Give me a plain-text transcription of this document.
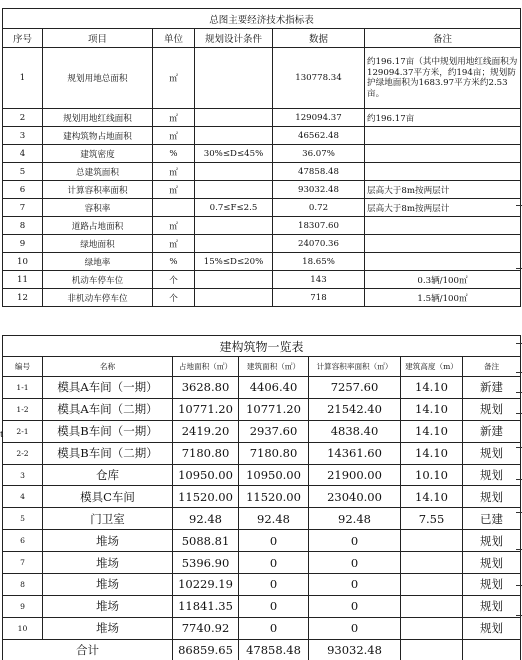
总图主要经济技术指标表					
序号	项目	单位	规划设计条件	数据	备注
1	规划用地总面积	㎡		130778.34	约196.17亩（其中规划用地红线面积为129094.37平方米，约194亩；规划防护绿地面积为1683.97平方米约2.53亩。
2	规划用地红线面积	㎡		129094.37	约196.17亩
3	建构筑物占地面积	㎡		46562.48	
4	建筑密度	%	30%≤D≤45%	36.07%	
5	总建筑面积	㎡		47858.48	
6	计算容积率面积	㎡		93032.48	层高大于8m按两层计
7	容积率		0.7≤F≤2.5	0.72	层高大于8m按两层计
8	道路占地面积	㎡		18307.60	
9	绿地面积	㎡		24070.36	
10	绿地率	%	15%≤D≤20%	18.65%	
11	机动车停车位	个		143	0.3辆/100㎡
12	非机动车停车位	个		718	1.5辆/100㎡
建构筑物一览表						
编号	名称	占地面积（㎡）	建筑面积（㎡）	计算容积率面积（㎡）	建筑高度（m）	备注
1-1	模具A车间（一期）	3628.80	4406.40	7257.60	14.10	新建
1-2	模具A车间（二期）	10771.20	10771.20	21542.40	14.10	规划
2-1	模具B车间（一期）	2419.20	2937.60	4838.40	14.10	新建
2-2	模具B车间（二期）	7180.80	7180.80	14361.60	14.10	规划
3	仓库	10950.00	10950.00	21900.00	10.10	规划
4	模具C车间	11520.00	11520.00	23040.00	14.10	规划
5	门卫室	92.48	92.48	92.48	7.55	已建
6	堆场	5088.81	0	0		规划
7	堆场	5396.90	0	0		规划
8	堆场	10229.19	0	0		规划
9	堆场	11841.35	0	0		规划
10	堆场	7740.92	0	0		规划
合计		86859.65	47858.48	93032.48		
t
